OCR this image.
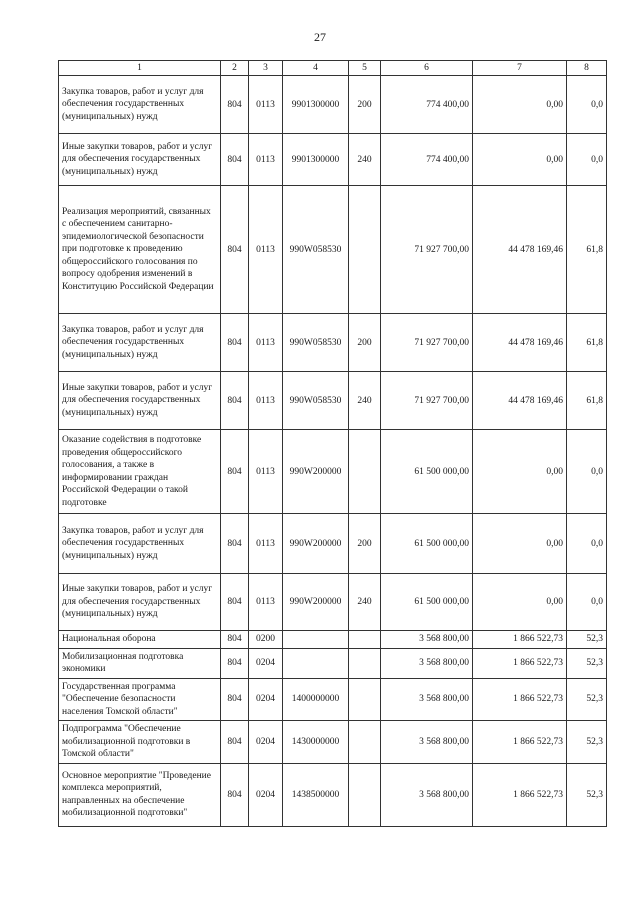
27
1	2	3	4	5	6	7	8
Закупка товаров, работ и услуг для обеспечения государственных (муниципальных) нужд	804	0113	9901300000	200	774 400,00	0,00	0,0
Иные закупки товаров, работ и услуг для обеспечения государственных (муниципальных) нужд	804	0113	9901300000	240	774 400,00	0,00	0,0
Реализация мероприятий, связанных с обеспечением санитарно-эпидемиологической безопасности при подготовке к проведению общероссийского голосования по вопросу одобрения изменений в Конституцию Российской Федерации	804	0113	990W058530		71 927 700,00	44 478 169,46	61,8
Закупка товаров, работ и услуг для обеспечения государственных (муниципальных) нужд	804	0113	990W058530	200	71 927 700,00	44 478 169,46	61,8
Иные закупки товаров, работ и услуг для обеспечения государственных (муниципальных) нужд	804	0113	990W058530	240	71 927 700,00	44 478 169,46	61,8
Оказание содействия в подготовке проведения общероссийского голосования, а также в информировании граждан Российской Федерации о такой подготовке	804	0113	990W200000		61 500 000,00	0,00	0,0
Закупка товаров, работ и услуг для обеспечения государственных (муниципальных) нужд	804	0113	990W200000	200	61 500 000,00	0,00	0,0
Иные закупки товаров, работ и услуг для обеспечения государственных (муниципальных) нужд	804	0113	990W200000	240	61 500 000,00	0,00	0,0
Национальная оборона	804	0200			3 568 800,00	1 866 522,73	52,3
Мобилизационная подготовка экономики	804	0204			3 568 800,00	1 866 522,73	52,3
Государственная программа "Обеспечение безопасности населения Томской области"	804	0204	1400000000		3 568 800,00	1 866 522,73	52,3
Подпрограмма "Обеспечение мобилизационной подготовки в Томской области"	804	0204	1430000000		3 568 800,00	1 866 522,73	52,3
Основное мероприятие "Проведение комплекса мероприятий, направленных на обеспечение мобилизационной подготовки"	804	0204	1438500000		3 568 800,00	1 866 522,73	52,3
